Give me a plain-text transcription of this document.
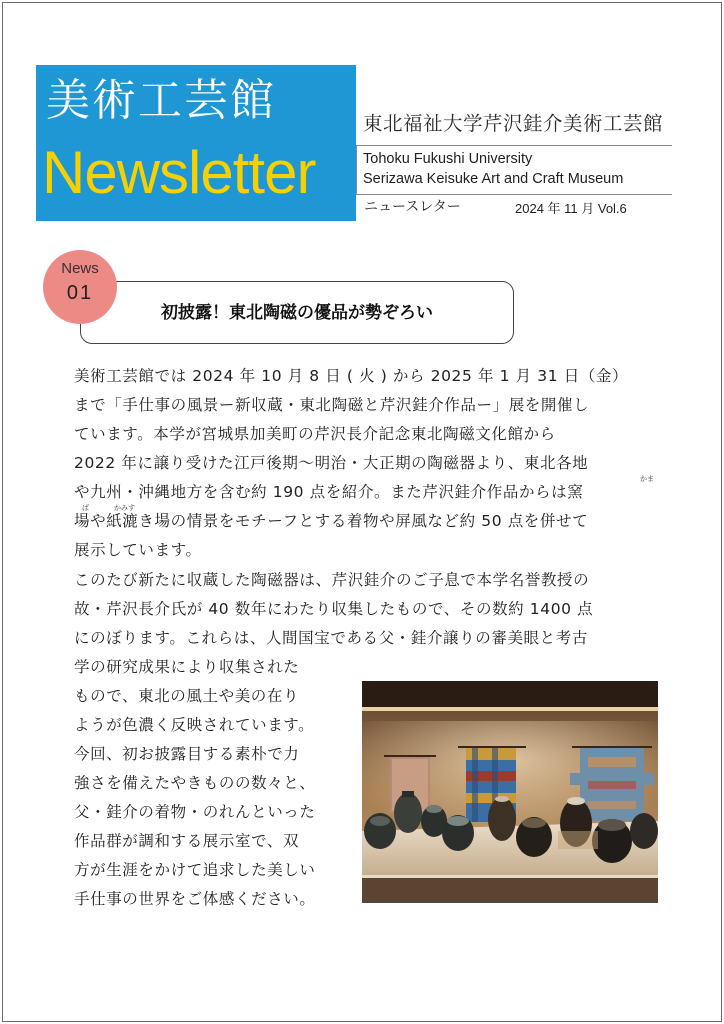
美術工芸館
Newsletter
東北福祉大学芹沢銈介美術工芸館
Tohoku Fukushi University
Serizawa Keisuke Art and Craft Museum
ニュースレター	2024 年 11 月 Vol.6
初披露！東北陶磁の優品が勢ぞろい
News
01
美術工芸館では 2024 年 10 月 8 日 ( 火 ) から 2025 年 1 月 31 日（金）
まで「手仕事の風景ー新収蔵・東北陶磁と芹沢銈介作品ー」展を開催し
ています。本学が宮城県加美町の芹沢長介記念東北陶磁文化館から
2022 年に譲り受けた江戸後期〜明治・大正期の陶磁器より、東北各地
かま
や九州・沖縄地方を含む約 190 点を紹介。また芹沢銈介作品からは窯
ば	かみす
場や紙漉き場の情景をモチーフとする着物や屏風など約 50 点を併せて
展示しています。
このたび新たに収蔵した陶磁器は、芹沢銈介のご子息で本学名誉教授の
故・芹沢長介氏が 40 数年にわたり収集したもので、その数約 1400 点
にのぼります。これらは、人間国宝である父・銈介譲りの審美眼と考古
学の研究成果により収集された
もので、東北の風土や美の在り
ようが色濃く反映されています。
今回、初お披露目する素朴で力
強さを備えたやきものの数々と、
父・銈介の着物・のれんといった
作品群が調和する展示室で、双
方が生涯をかけて追求した美しい
手仕事の世界をご体感ください。
